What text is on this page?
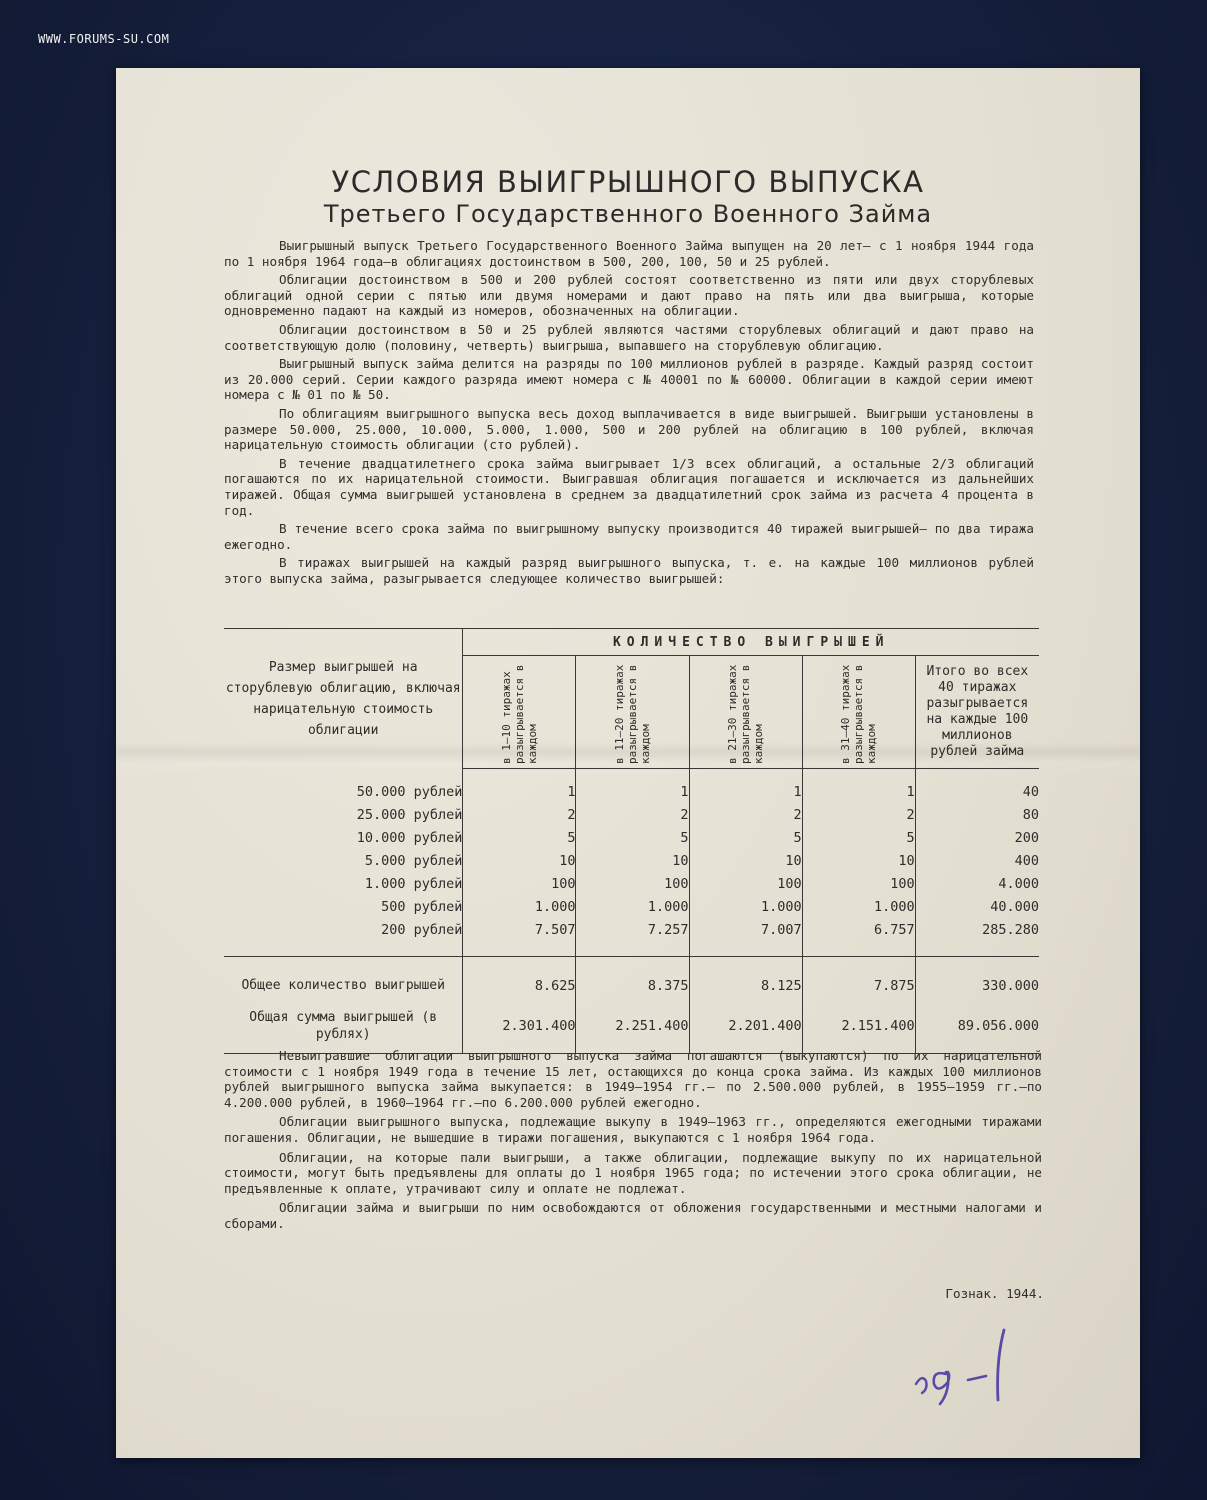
WWW.FORUMS-SU.COM
УСЛОВИЯ ВЫИГРЫШНОГО ВЫПУСКА
Третьего Государственного Военного Займа

Выигрышный выпуск Третьего Государственного Военного Займа выпущен на 20 лет— с 1 ноября 1944 года по 1 ноября 1964 года—в облигациях достоинством в 500, 200, 100, 50 и 25 рублей.

Облигации достоинством в 500 и 200 рублей состоят соответственно из пяти или двух сторублевых облигаций одной серии с пятью или двумя номерами и дают право на пять или два выигрыша, которые одновременно падают на каждый из номеров, обозначенных на облигации.

Облигации достоинством в 50 и 25 рублей являются частями сторублевых облигаций и дают право на соответствующую долю (половину, четверть) выигрыша, выпавшего на сторублевую облигацию.

Выигрышный выпуск займа делится на разряды по 100 миллионов рублей в разряде. Каждый разряд состоит из 20.000 серий. Серии каждого разряда имеют номера с № 40001 по № 60000. Облигации в каждой серии имеют номера с № 01 по № 50.

По облигациям выигрышного выпуска весь доход выплачивается в виде выигрышей. Выигрыши установлены в размере 50.000, 25.000, 10.000, 5.000, 1.000, 500 и 200 рублей на облигацию в 100 рублей, включая нарицательную стоимость облигации (сто рублей).

В течение двадцатилетнего срока займа выигрывает 1/3 всех облигаций, а остальные 2/3 облигаций погашаются по их нарицательной стоимости. Выигравшая облигация погашается и исключается из дальнейших тиражей. Общая сумма выигрышей установлена в среднем за двадцатилетний срок займа из расчета 4 процента в год.

В течение всего срока займа по выигрышному выпуску производится 40 тиражей выигрышей— по два тиража ежегодно.

В тиражах выигрышей на каждый разряд выигрышного выпуска, т. е. на каждые 100 миллионов рублей этого выпуска займа, разыгрывается следующее количество выигрышей:

Размер выигрышей на сторублевую облигацию, включая нарицательную стоимость облигации	КОЛИЧЕСТВО ВЫИГРЫШЕЙ				
	в 1—10 тиражах разыгрывается в каждом	в 11—20 тиражах разыгрывается в каждом	в 21—30 тиражах разыгрывается в каждом	в 31—40 тиражах разыгрывается в каждом	Итого во всех 40 тиражах разыгрывается на каждые 100 миллионов рублей займа
50.000 рублей	1	1	1	1	40
25.000 рублей	2	2	2	2	80
10.000 рублей	5	5	5	5	200
5.000 рублей	10	10	10	10	400
1.000 рублей	100	100	100	100	4.000
500 рублей	1.000	1.000	1.000	1.000	40.000
200 рублей	7.507	7.257	7.007	6.757	285.280
Общее количество выигрышей	8.625	8.375	8.125	7.875	330.000
Общая сумма выигрышей (в рублях)	2.301.400	2.251.400	2.201.400	2.151.400	89.056.000

Невыигравшие облигации выигрышного выпуска займа погашаются (выкупаются) по их нарицательной стоимости с 1 ноября 1949 года в течение 15 лет, остающихся до конца срока займа. Из каждых 100 миллионов рублей выигрышного выпуска займа выкупается: в 1949—1954 гг.— по 2.500.000 рублей, в 1955—1959 гг.—по 4.200.000 рублей, в 1960—1964 гг.—по 6.200.000 рублей ежегодно.

Облигации выигрышного выпуска, подлежащие выкупу в 1949—1963 гг., определяются ежегодными тиражами погашения. Облигации, не вышедшие в тиражи погашения, выкупаются с 1 ноября 1964 года.

Облигации, на которые пали выигрыши, а также облигации, подлежащие выкупу по их нарицательной стоимости, могут быть предъявлены для оплаты до 1 ноября 1965 года; по истечении этого срока облигации, не предъявленные к оплате, утрачивают силу и оплате не подлежат.

Облигации займа и выигрыши по ним освобождаются от обложения государственными и местными налогами и сборами.

Гознак. 1944.
